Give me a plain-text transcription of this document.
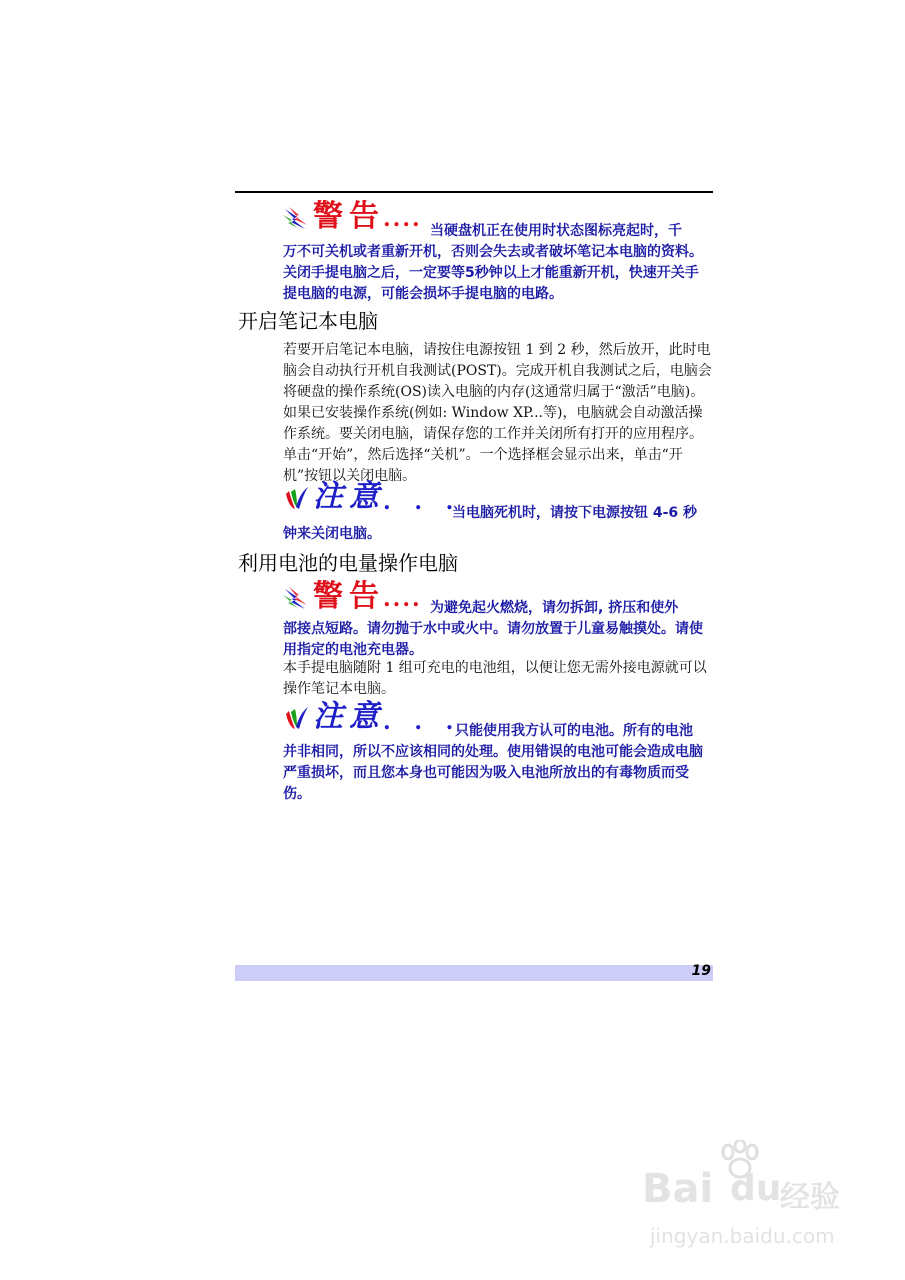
警告
.... 当硬盘机正在使用时状态图标亮起时，千
万不可关机或者重新开机，否则会失去或者破坏笔记本电脑的资料。关闭手提电脑之后，一定要等5秒钟以上才能重新开机，快速开关手提电脑的电源，可能会损坏手提电脑的电路。
开启笔记本电脑
若要开启笔记本电脑，请按住电源按钮 1 到 2 秒，然后放开，此时电脑会自动执行开机自我测试(POST)。完成开机自我测试之后，电脑会将硬盘的操作系统(OS)读入电脑的内存(这通常归属于“激活”电脑)。如果已安装操作系统(例如: Window XP...等)，电脑就会自动激活操作系统。要关闭电脑，请保存您的工作并关闭所有打开的应用程序。单击“开始”，然后选择“关机”。一个选择框会显示出来，单击“开机”按钮以关闭电脑。
注意
. . .
当电脑死机时，请按下电源按钮 4-6 秒
钟来关闭电脑。
利用电池的电量操作电脑
警告
.... 为避免起火燃烧，请勿拆卸, 挤压和使外
部接点短路。请勿抛于水中或火中。请勿放置于儿童易触摸处。请使用指定的电池充电器。
本手提电脑随附 1 组可充电的电池组，以便让您无需外接电源就可以操作笔记本电脑。
注意
. . .
只能使用我方认可的电池。所有的电池
并非相同，所以不应该相同的处理。使用错误的电池可能会造成电脑严重损坏，而且您本身也可能因为吸入电池所放出的有毒物质而受伤。
19
Bai du
经验
jingyan.baidu.com
